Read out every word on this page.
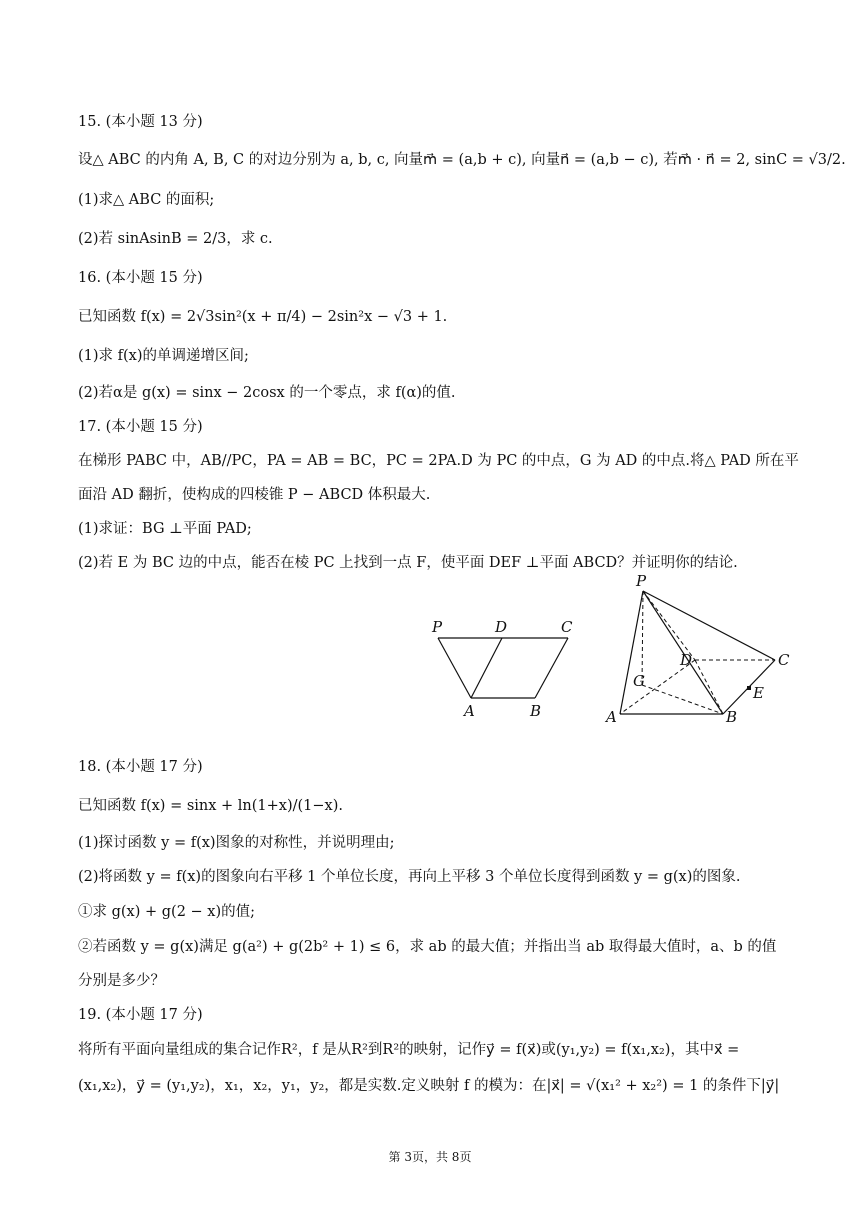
15. (本小题 13 分)
设△ ABC 的内角 A, B, C 的对边分别为 a, b, c, 向量m⃗ = (a,b + c), 向量n⃗ = (a,b − c), 若m⃗ · n⃗ = 2, sinC = √3/2.
(1)求△ ABC 的面积;
(2)若 sinAsinB = 2/3，求 c.
16. (本小题 15 分)
已知函数 f(x) = 2√3sin²(x + π/4) − 2sin²x − √3 + 1.
(1)求 f(x)的单调递增区间;
(2)若α是 g(x) = sinx − 2cosx 的一个零点，求 f(α)的值.
17. (本小题 15 分)
在梯形 PABC 中，AB//PC，PA = AB = BC，PC = 2PA.D 为 PC 的中点，G 为 AD 的中点.将△ PAD 所在平
面沿 AD 翻折，使构成的四棱锥 P − ABCD 体积最大.
(1)求证：BG ⊥平面 PAD;
(2)若 E 为 BC 边的中点，能否在棱 PC 上找到一点 F，使平面 DEF ⊥平面 ABCD？并证明你的结论.
P	D	C
A	B
P
D	C
G
E
A	B
18. (本小题 17 分)
已知函数 f(x) = sinx + ln(1+x)/(1−x).
(1)探讨函数 y = f(x)图象的对称性，并说明理由;
(2)将函数 y = f(x)的图象向右平移 1 个单位长度，再向上平移 3 个单位长度得到函数 y = g(x)的图象.
①求 g(x) + g(2 − x)的值;
②若函数 y = g(x)满足 g(a²) + g(2b² + 1) ≤ 6，求 ab 的最大值；并指出当 ab 取得最大值时，a、b 的值
分别是多少？
19. (本小题 17 分)
将所有平面向量组成的集合记作R²，f 是从R²到R²的映射，记作y⃗ = f(x⃗)或(y₁,y₂) = f(x₁,x₂)，其中x⃗ =
(x₁,x₂)，y⃗ = (y₁,y₂)，x₁，x₂，y₁，y₂，都是实数.定义映射 f 的模为：在|x⃗| = √(x₁² + x₂²) = 1 的条件下|y⃗|
第 3页，共 8页
